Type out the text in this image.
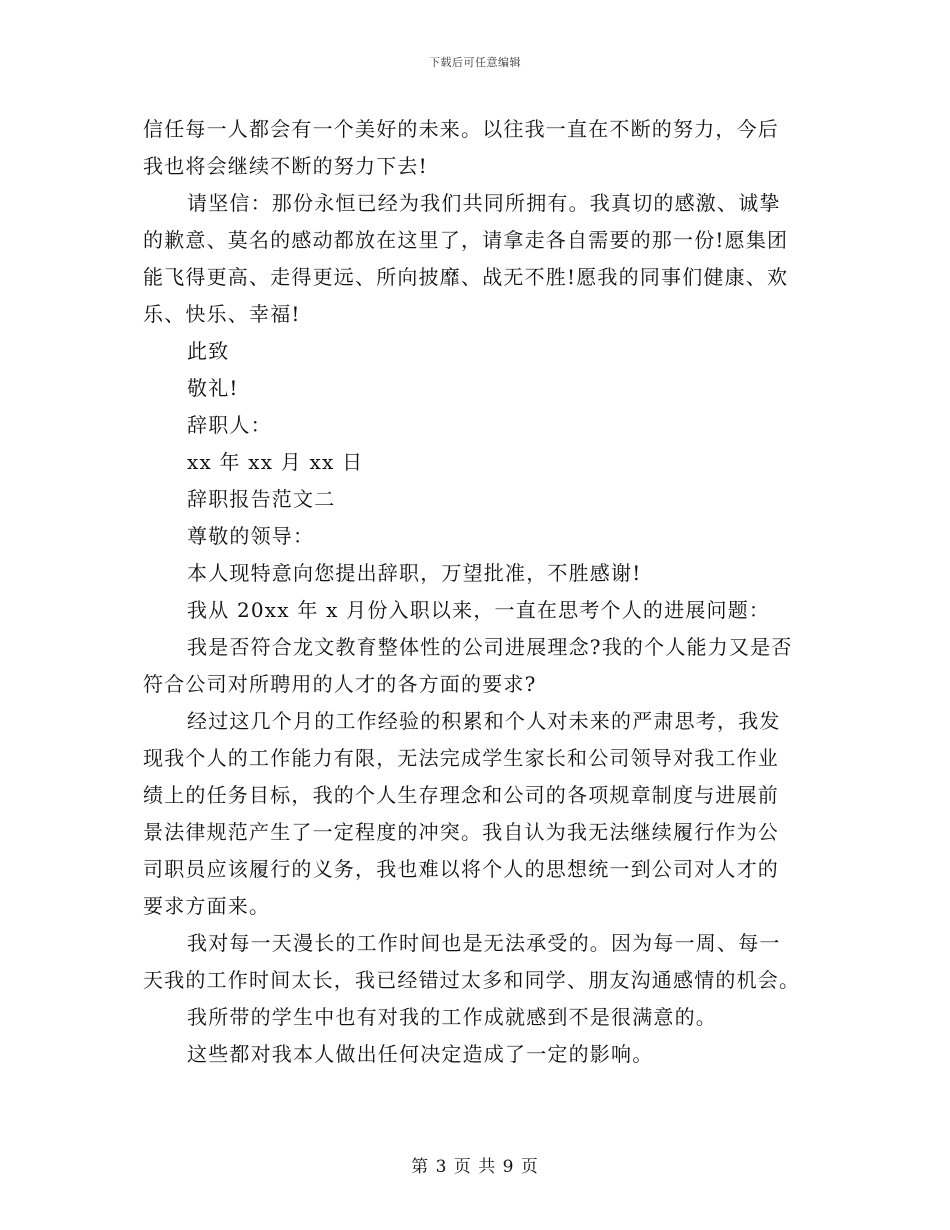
下载后可任意编辑
信任每一人都会有一个美好的未来。以往我一直在不断的努力，今后
我也将会继续不断的努力下去!
请坚信：那份永恒已经为我们共同所拥有。我真切的感激、诚挚
的歉意、莫名的感动都放在这里了，请拿走各自需要的那一份!愿集团
能飞得更高、走得更远、所向披靡、战无不胜!愿我的同事们健康、欢
乐、快乐、幸福!
此致
敬礼!
辞职人：
xx 年 xx 月 xx 日
辞职报告范文二
尊敬的领导：
本人现特意向您提出辞职，万望批准，不胜感谢!
我从 20xx 年 x 月份入职以来，一直在思考个人的进展问题：
我是否符合龙文教育整体性的公司进展理念?我的个人能力又是否
符合公司对所聘用的人才的各方面的要求?
经过这几个月的工作经验的积累和个人对未来的严肃思考，我发
现我个人的工作能力有限，无法完成学生家长和公司领导对我工作业
绩上的任务目标，我的个人生存理念和公司的各项规章制度与进展前
景法律规范产生了一定程度的冲突。我自认为我无法继续履行作为公
司职员应该履行的义务，我也难以将个人的思想统一到公司对人才的
要求方面来。
我对每一天漫长的工作时间也是无法承受的。因为每一周、每一
天我的工作时间太长，我已经错过太多和同学、朋友沟通感情的机会。
我所带的学生中也有对我的工作成就感到不是很满意的。
这些都对我本人做出任何决定造成了一定的影响。
第 3 页 共 9 页
